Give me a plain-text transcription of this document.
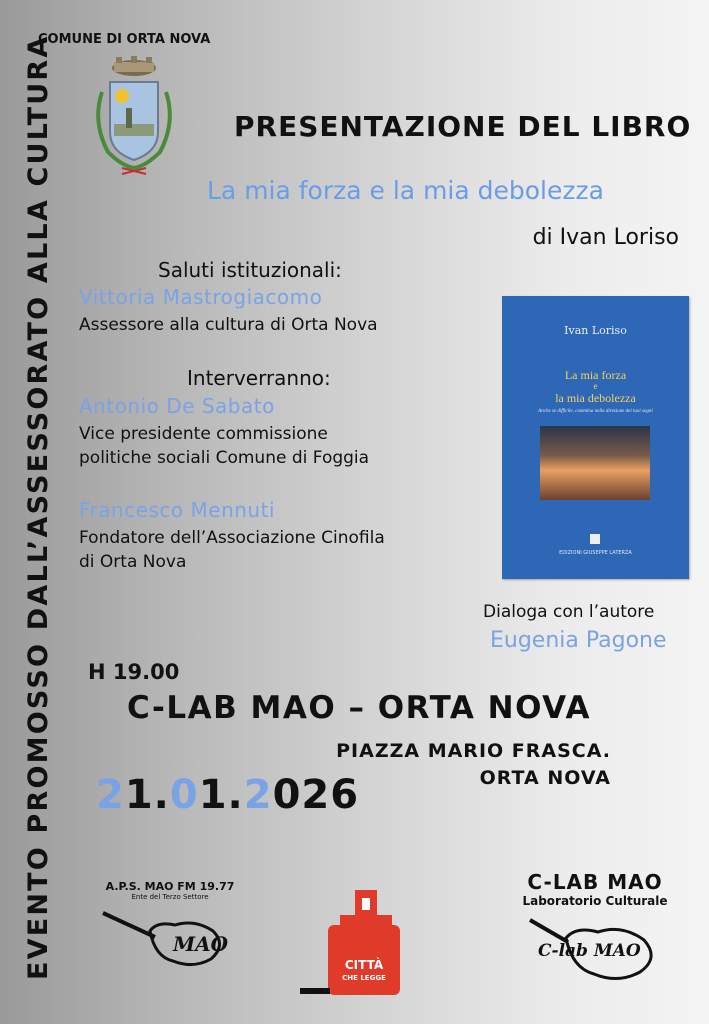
EVENTO PROMOSSO DALL’ASSESSORATO ALLA CULTURA
COMUNE DI ORTA NOVA
PRESENTAZIONE DEL LIBRO
La mia forza e la mia debolezza
di Ivan Loriso
Saluti istituzionali:
Vittoria Mastrogiacomo
Assessore alla cultura di Orta Nova
Interverranno:
Antonio De Sabato
Vice presidente commissione
politiche sociali Comune di Foggia
Francesco Mennuti
Fondatore dell’Associazione Cinofila
di Orta Nova
Ivan Loriso
La mia forza
e
la mia debolezza
Anche se difficile, cammina nella direzione dei tuoi sogni
EDIZIONI GIUSEPPE LATERZA
Dialoga con l’autore
Eugenia Pagone
H 19.00
C-LAB MAO – ORTA NOVA
PIAZZA MARIO FRASCA.
ORTA NOVA
21.01.2026
A.P.S. MAO FM 19.77
Ente del Terzo Settore
MAO
CITTÀ
CHE LEGGE
C-LAB MAO
Laboratorio Culturale
C-lab MAO
